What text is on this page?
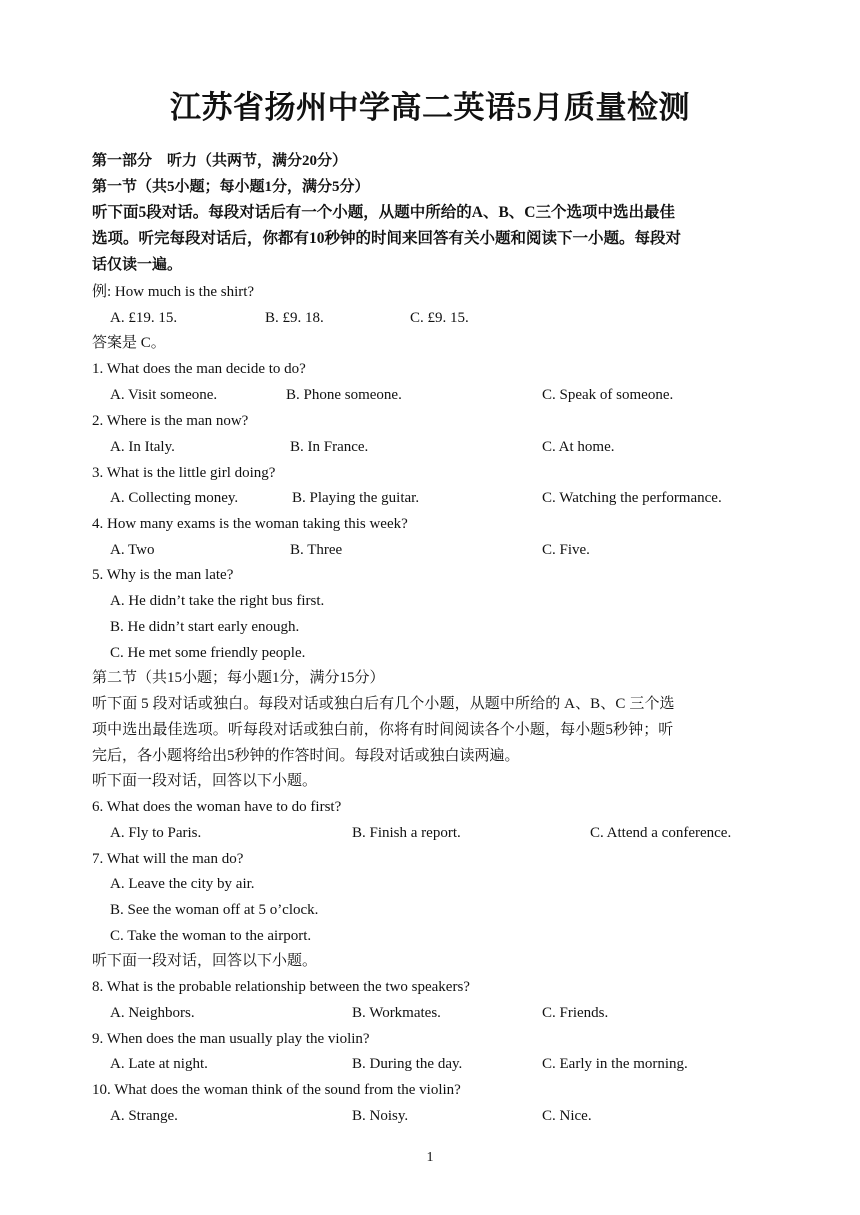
江苏省扬州中学高二英语5月质量检测
第一部分　听力（共两节，满分20分）
第一节（共5小题；每小题1分，满分5分）
听下面5段对话。每段对话后有一个小题，从题中所给的A、B、C三个选项中选出最佳
选项。听完每段对话后，你都有10秒钟的时间来回答有关小题和阅读下一小题。每段对
话仅读一遍。
例: How much is the shirt?
A. £19. 15.	B. £9. 18.	C. £9. 15.
答案是 C。
1. What does the man decide to do?
A. Visit someone.	B. Phone someone.	C. Speak of someone.
2. Where is the man now?
A. In Italy.	B. In France.	C. At home.
3. What is the little girl doing?
A. Collecting money.	B. Playing the guitar.	C. Watching the performance.
4. How many exams is the woman taking this week?
A. Two	B. Three	C. Five.
5. Why is the man late?
A. He didn’t take the right bus first.
B. He didn’t start early enough.
C. He met some friendly people.
第二节（共15小题；每小题1分，满分15分）
听下面 5 段对话或独白。每段对话或独白后有几个小题，从题中所给的 A、B、C 三个选
项中选出最佳选项。听每段对话或独白前，你将有时间阅读各个小题，每小题5秒钟；听
完后，各小题将给出5秒钟的作答时间。每段对话或独白读两遍。
听下面一段对话，回答以下小题。
6. What does the woman have to do first?
A. Fly to Paris.	B. Finish a report.	C. Attend a conference.
7. What will the man do?
A. Leave the city by air.
B. See the woman off at 5 o’clock.
C. Take the woman to the airport.
听下面一段对话，回答以下小题。
8. What is the probable relationship between the two speakers?
A. Neighbors.	B. Workmates.	C. Friends.
9. When does the man usually play the violin?
A. Late at night.	B. During the day.	C. Early in the morning.
10. What does the woman think of the sound from the violin?
A. Strange.	B. Noisy.	C. Nice.
1
